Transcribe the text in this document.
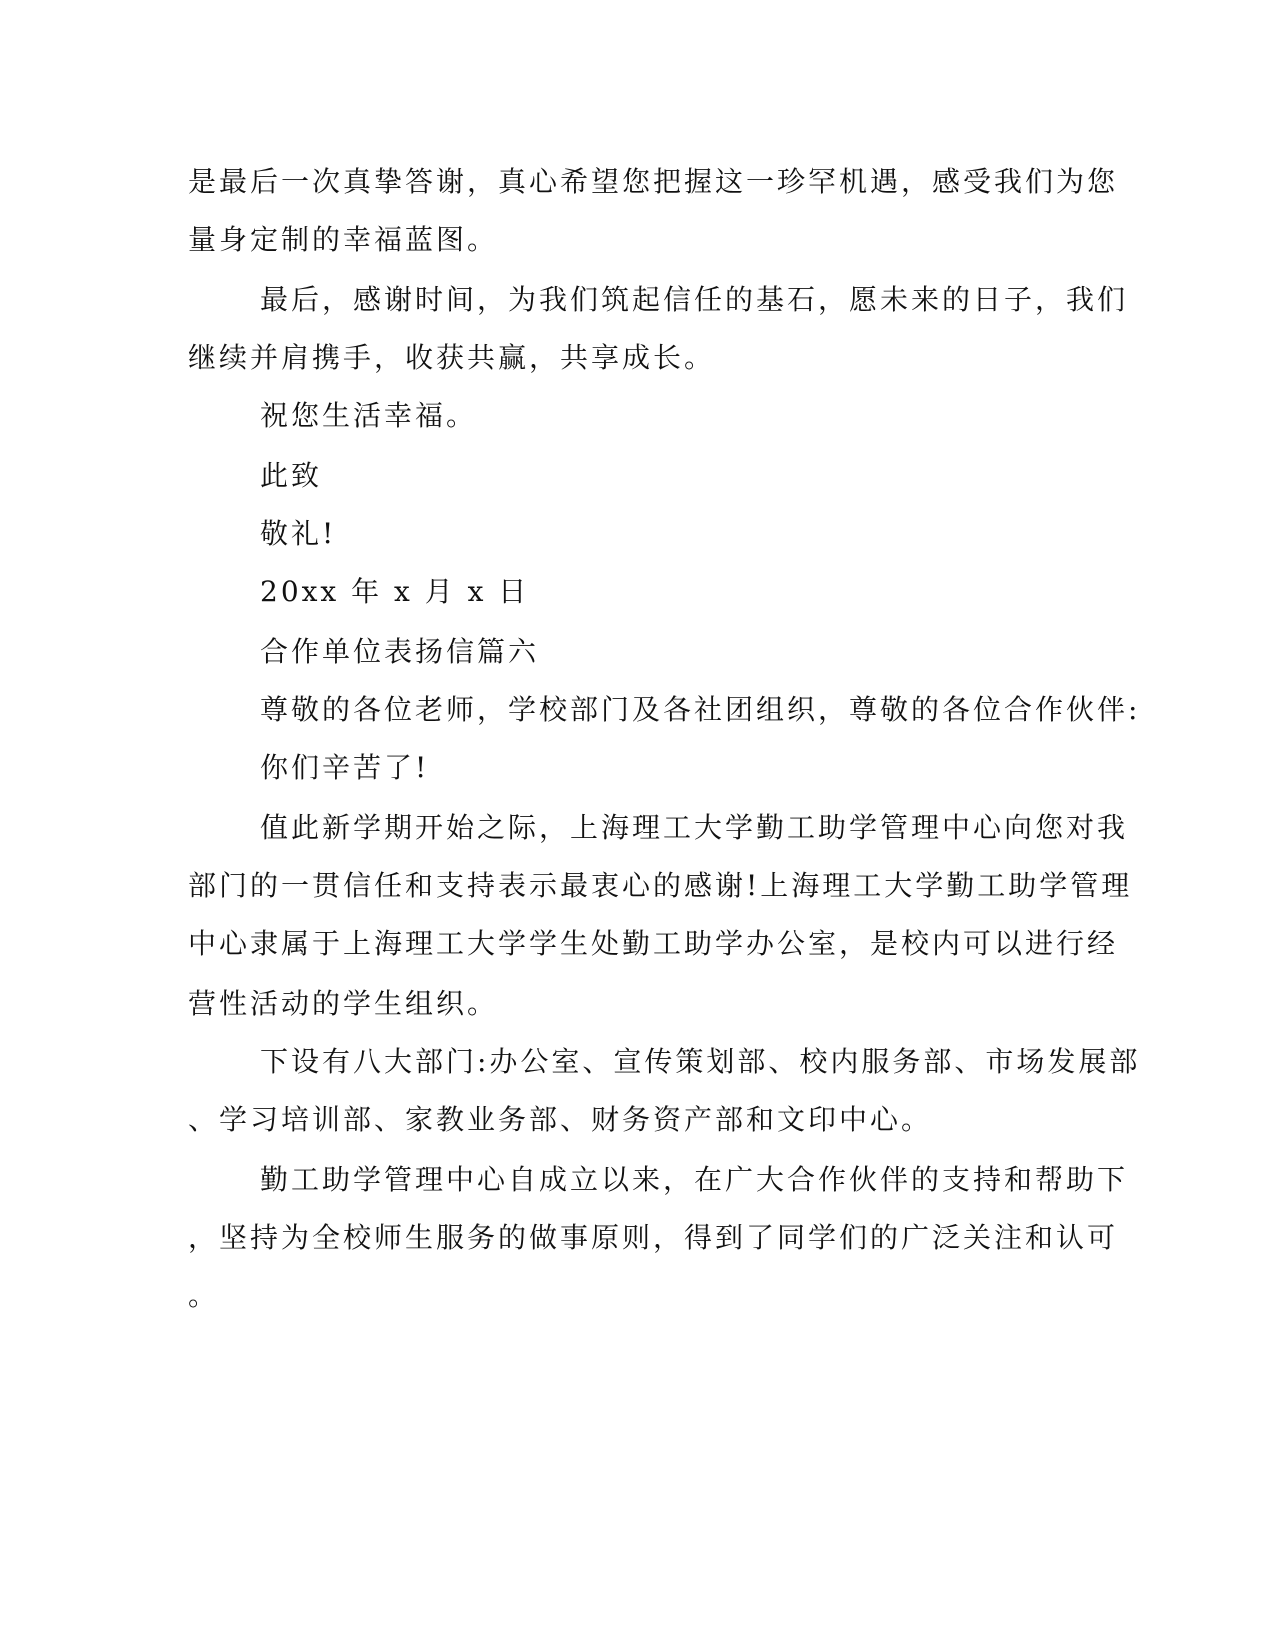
是最后一次真挚答谢，真心希望您把握这一珍罕机遇，感受我们为您
量身定制的幸福蓝图。
最后，感谢时间，为我们筑起信任的基石，愿未来的日子，我们
继续并肩携手，收获共赢，共享成长。
祝您生活幸福。
此致
敬礼!
20xx 年 x 月 x 日
合作单位表扬信篇六
尊敬的各位老师，学校部门及各社团组织，尊敬的各位合作伙伴:
你们辛苦了!
值此新学期开始之际，上海理工大学勤工助学管理中心向您对我
部门的一贯信任和支持表示最衷心的感谢!上海理工大学勤工助学管理
中心隶属于上海理工大学学生处勤工助学办公室，是校内可以进行经
营性活动的学生组织。
下设有八大部门:办公室、宣传策划部、校内服务部、市场发展部
、学习培训部、家教业务部、财务资产部和文印中心。
勤工助学管理中心自成立以来，在广大合作伙伴的支持和帮助下
，坚持为全校师生服务的做事原则，得到了同学们的广泛关注和认可
。
